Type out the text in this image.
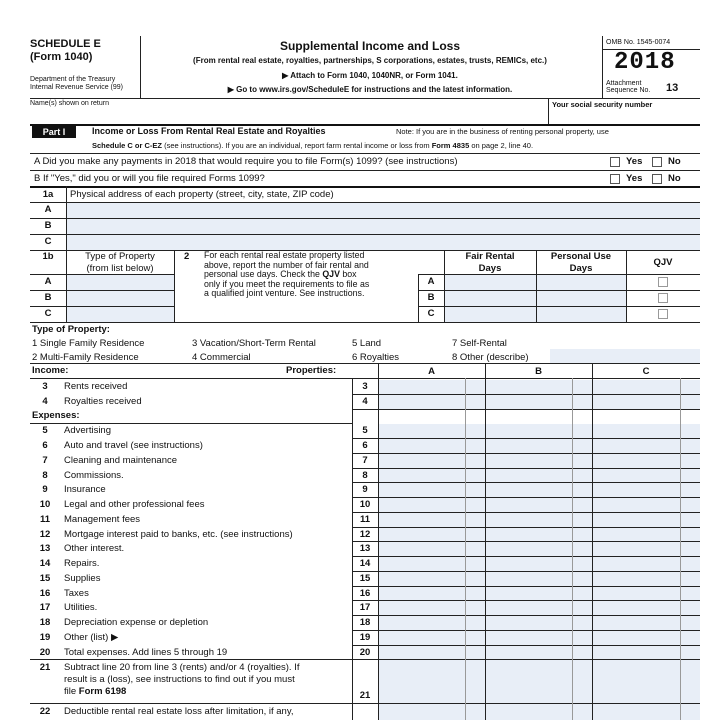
SCHEDULE E
(Form 1040)
Department of the Treasury
Internal Revenue Service (99)
Supplemental Income and Loss
(From rental real estate, royalties, partnerships, S corporations, estates, trusts, REMICs, etc.)
▶ Attach to Form 1040, 1040NR, or Form 1041.
▶ Go to www.irs.gov/ScheduleE for instructions and the latest information.
OMB No. 1545-0074
2018
Attachment
Sequence No. 13
Name(s) shown on return	Your social security number
Part I	Income or Loss From Rental Real Estate and Royalties	Note: If you are in the business of renting personal property, use
Schedule C or C-EZ (see instructions). If you are an individual, report farm rental income or loss from Form 4835 on page 2, line 40.
A Did you make any payments in 2018 that would require you to file Form(s) 1099? (see instructions)	Yes	No
B If "Yes," did you or will you file required Forms 1099?	Yes	No
1a	Physical address of each property (street, city, state, ZIP code)
A
B
C
1b	Type of Property
(from list below)
2 For each rental real estate property listed
above, report the number of fair rental and
personal use days. Check the QJV box
only if you meet the requirements to file as
a qualified joint venture. See instructions.
Fair Rental
Days
Personal Use
Days
QJV
A	A
B	B
C	C
Type of Property:
1 Single Family Residence
2 Multi-Family Residence
3 Vacation/Short-Term Rental
4 Commercial
5 Land
6 Royalties
7 Self-Rental
8 Other (describe)
Income:	Properties:	A	B	C
3	Rents received	3
4	Royalties received	4
Expenses:
5	Advertising	5
6	Auto and travel (see instructions)	6
7	Cleaning and maintenance	7
8	Commissions.	8
9	Insurance	9
10	Legal and other professional fees	10
11	Management fees	11
12	Mortgage interest paid to banks, etc. (see instructions)	12
13	Other interest.	13
14	Repairs.	14
15	Supplies	15
16	Taxes	16
17	Utilities.	17
18	Depreciation expense or depletion	18
19	Other (list) ▶	19
20	Total expenses. Add lines 5 through 19	20
21	Subtract line 20 from line 3 (rents) and/or 4 (royalties). If
result is a (loss), see instructions to find out if you must
file Form 6198	21
22	Deductible rental real estate loss after limitation, if any,
